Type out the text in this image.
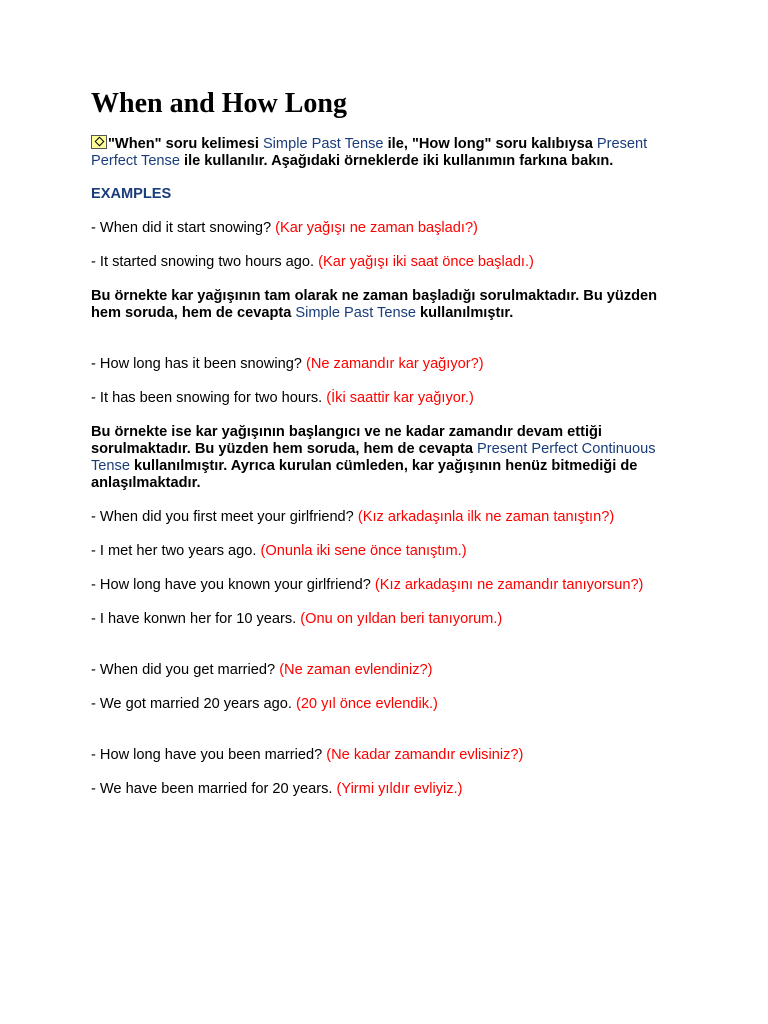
When and How Long

"When" soru kelimesi Simple Past Tense ile, "How long" soru kalıbıysa Present Perfect Tense ile kullanılır. Aşağıdaki örneklerde iki kullanımın farkına bakın.

EXAMPLES

- When did it start snowing? (Kar yağışı ne zaman başladı?)

- It started snowing two hours ago. (Kar yağışı iki saat önce başladı.)

Bu örnekte kar yağışının tam olarak ne zaman başladığı sorulmaktadır. Bu yüzden hem soruda, hem de cevapta Simple Past Tense kullanılmıştır.

- How long has it been snowing? (Ne zamandır kar yağıyor?)

- It has been snowing for two hours. (İki saattir kar yağıyor.)

Bu örnekte ise kar yağışının başlangıcı ve ne kadar zamandır devam ettiği sorulmaktadır. Bu yüzden hem soruda, hem de cevapta Present Perfect Continuous Tense kullanılmıştır. Ayrıca kurulan cümleden, kar yağışının henüz bitmediği de anlaşılmaktadır.

- When did you first meet your girlfriend? (Kız arkadaşınla ilk ne zaman tanıştın?)

- I met her two years ago. (Onunla iki sene önce tanıştım.)

- How long have you known your girlfriend? (Kız arkadaşını ne zamandır tanıyorsun?)

- I have konwn her for 10 years. (Onu on yıldan beri tanıyorum.)

- When did you get married? (Ne zaman evlendiniz?)

- We got married 20 years ago. (20 yıl önce evlendik.)

- How long have you been married? (Ne kadar zamandır evlisiniz?)

- We have been married for 20 years. (Yirmi yıldır evliyiz.)
